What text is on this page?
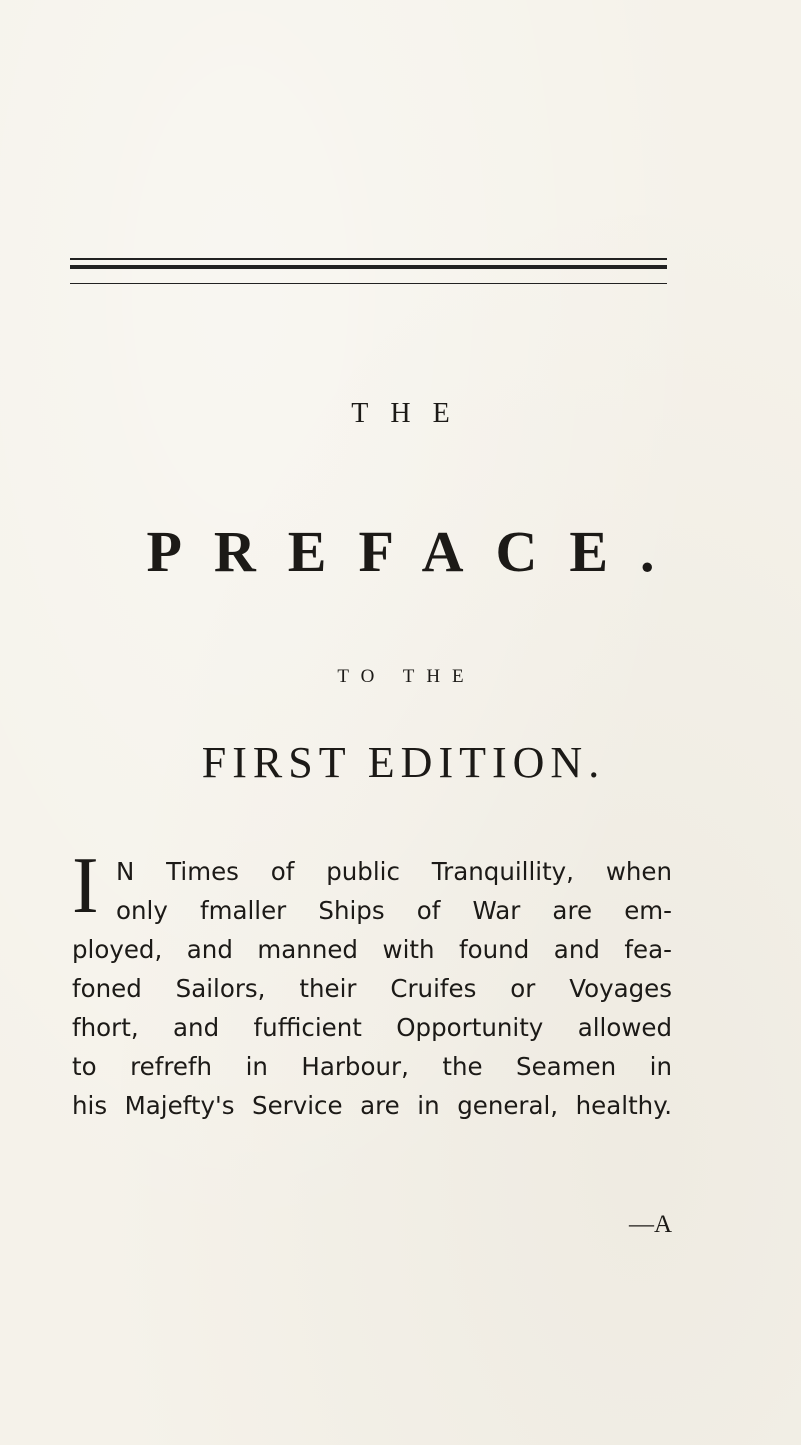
THE
PREFACE.
TO THE
FIRST EDITION.
I N Times of public Tranquillity, when
only fmaller Ships of War are em-
ployed, and manned with found and fea-
foned Sailors, their Cruifes or Voyages
fhort, and fufficient Opportunity allowed
to refrefh in Harbour, the Seamen in
his Majefty's Service are in general, healthy.
—A
